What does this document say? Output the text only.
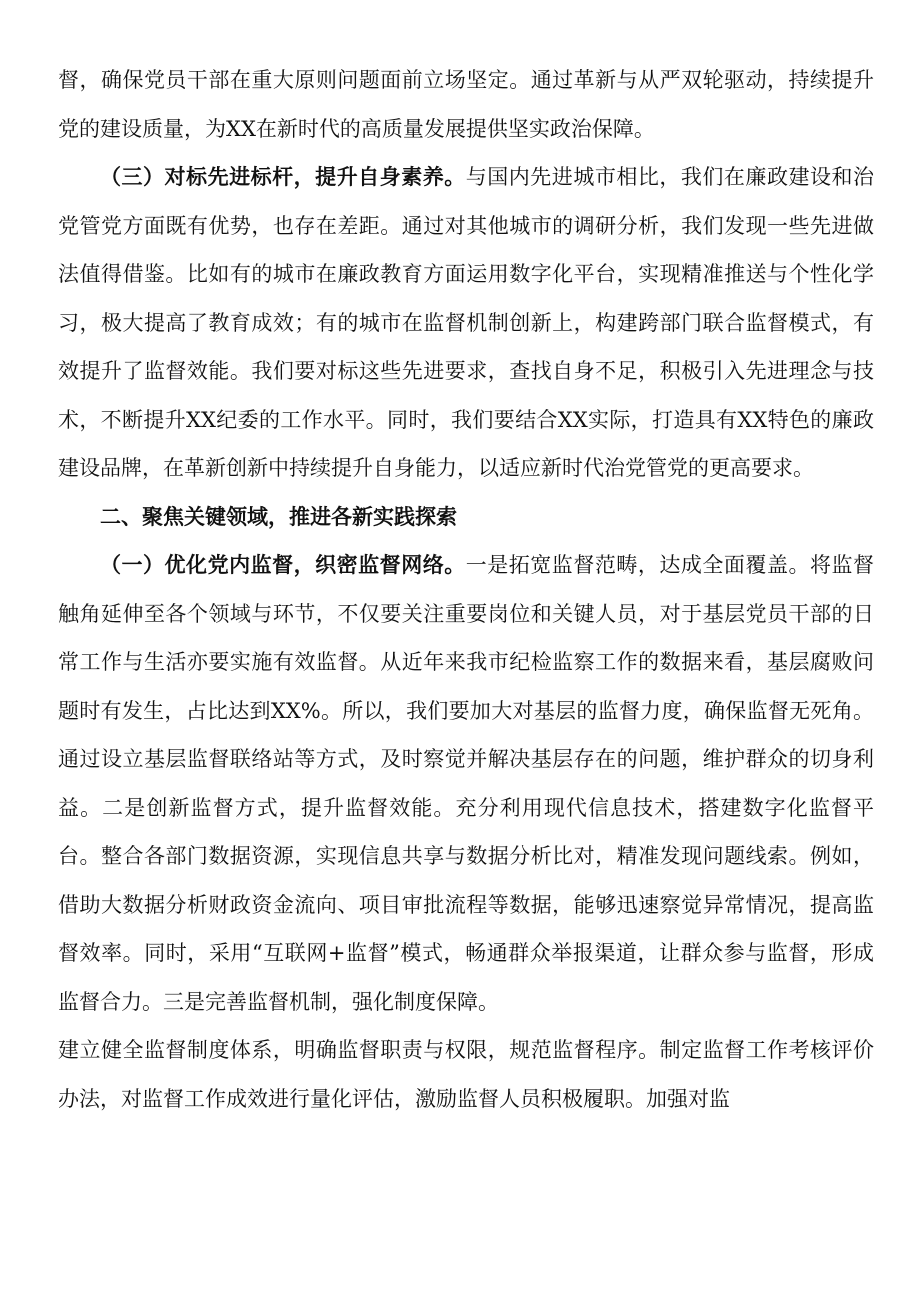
督，确保党员干部在重大原则问题面前立场坚定。通过革新与从严双轮驱动，持续提升党的建设质量，为XX在新时代的高质量发展提供坚实政治保障。

（三）对标先进标杆，提升自身素养。与国内先进城市相比，我们在廉政建设和治党管党方面既有优势，也存在差距。通过对其他城市的调研分析，我们发现一些先进做法值得借鉴。比如有的城市在廉政教育方面运用数字化平台，实现精准推送与个性化学习，极大提高了教育成效；有的城市在监督机制创新上，构建跨部门联合监督模式，有效提升了监督效能。我们要对标这些先进要求，查找自身不足，积极引入先进理念与技术，不断提升XX纪委的工作水平。同时，我们要结合XX实际，打造具有XX特色的廉政建设品牌，在革新创新中持续提升自身能力，以适应新时代治党管党的更高要求。

二、聚焦关键领域，推进各新实践探索

（一）优化党内监督，织密监督网络。一是拓宽监督范畴，达成全面覆盖。将监督触角延伸至各个领域与环节，不仅要关注重要岗位和关键人员，对于基层党员干部的日常工作与生活亦要实施有效监督。从近年来我市纪检监察工作的数据来看，基层腐败问题时有发生，占比达到XX%。所以，我们要加大对基层的监督力度，确保监督无死角。通过设立基层监督联络站等方式，及时察觉并解决基层存在的问题，维护群众的切身利益。二是创新监督方式，提升监督效能。充分利用现代信息技术，搭建数字化监督平台。整合各部门数据资源，实现信息共享与数据分析比对，精准发现问题线索。例如，借助大数据分析财政资金流向、项目审批流程等数据，能够迅速察觉异常情况，提高监督效率。同时，采用“互联网+监督”模式，畅通群众举报渠道，让群众参与监督，形成监督合力。三是完善监督机制，强化制度保障。

建立健全监督制度体系，明确监督职责与权限，规范监督程序。制定监督工作考核评价办法，对监督工作成效进行量化评估，激励监督人员积极履职。加强对监
